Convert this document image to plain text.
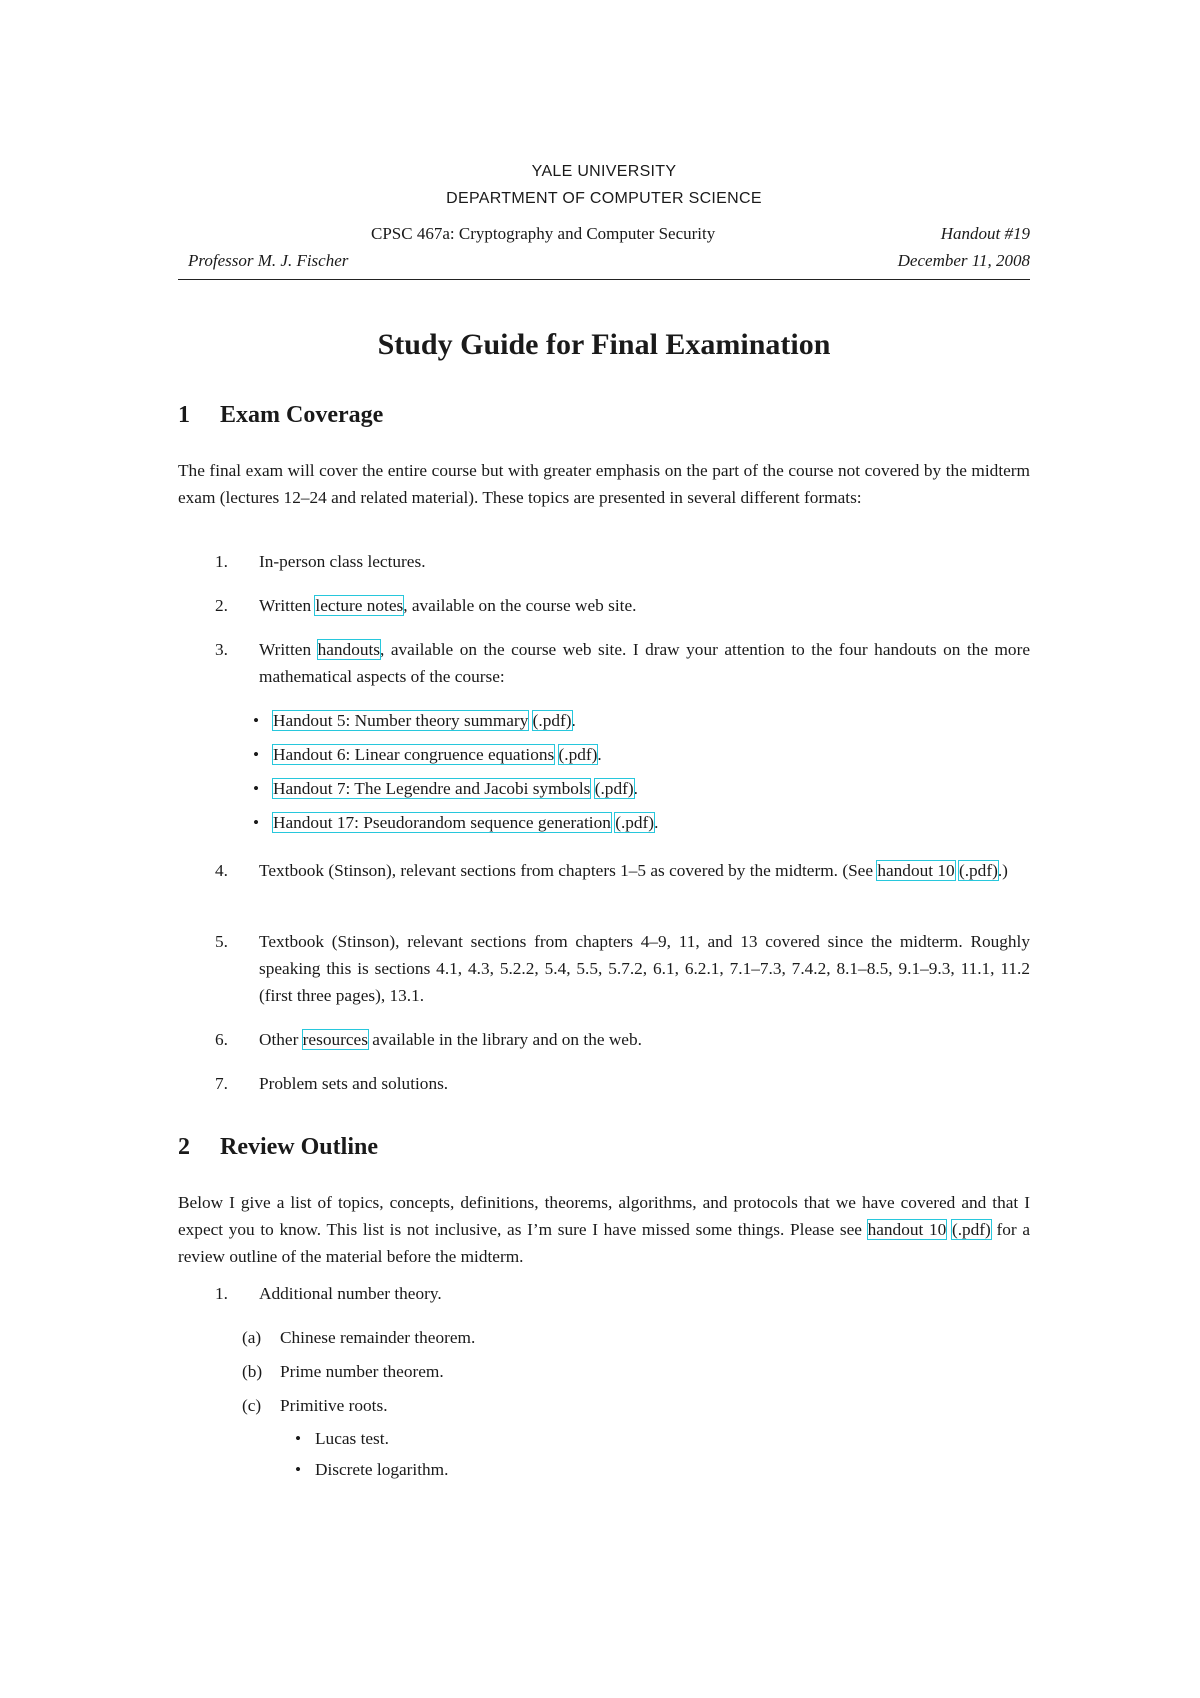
YALE UNIVERSITY
DEPARTMENT OF COMPUTER SCIENCE
CPSC 467a: Cryptography and Computer Security	Handout #19
Professor M. J. Fischer	December 11, 2008
Study Guide for Final Examination
1 Exam Coverage

The final exam will cover the entire course but with greater emphasis on the part of the course not covered by the midterm exam (lectures 12–24 and related material). These topics are presented in several different formats:

1. In-person class lectures.
2. Written lecture notes, available on the course web site.
3. Written handouts, available on the course web site. I draw your attention to the four handouts on the more mathematical aspects of the course:
• Handout 5: Number theory summary (.pdf).
• Handout 6: Linear congruence equations (.pdf).
• Handout 7: The Legendre and Jacobi symbols (.pdf).
• Handout 17: Pseudorandom sequence generation (.pdf).
4. Textbook (Stinson), relevant sections from chapters 1–5 as covered by the midterm. (See handout 10 (.pdf).)
5. Textbook (Stinson), relevant sections from chapters 4–9, 11, and 13 covered since the midterm. Roughly speaking this is sections 4.1, 4.3, 5.2.2, 5.4, 5.5, 5.7.2, 6.1, 6.2.1, 7.1–7.3, 7.4.2, 8.1–8.5, 9.1–9.3, 11.1, 11.2 (first three pages), 13.1.
6. Other resources available in the library and on the web.
7. Problem sets and solutions.
2 Review Outline

Below I give a list of topics, concepts, definitions, theorems, algorithms, and protocols that we have covered and that I expect you to know. This list is not inclusive, as I’m sure I have missed some things. Please see handout 10 (.pdf) for a review outline of the material before the midterm.

1. Additional number theory.
(a) Chinese remainder theorem.
(b) Prime number theorem.
(c) Primitive roots.
• Lucas test.
• Discrete logarithm.
